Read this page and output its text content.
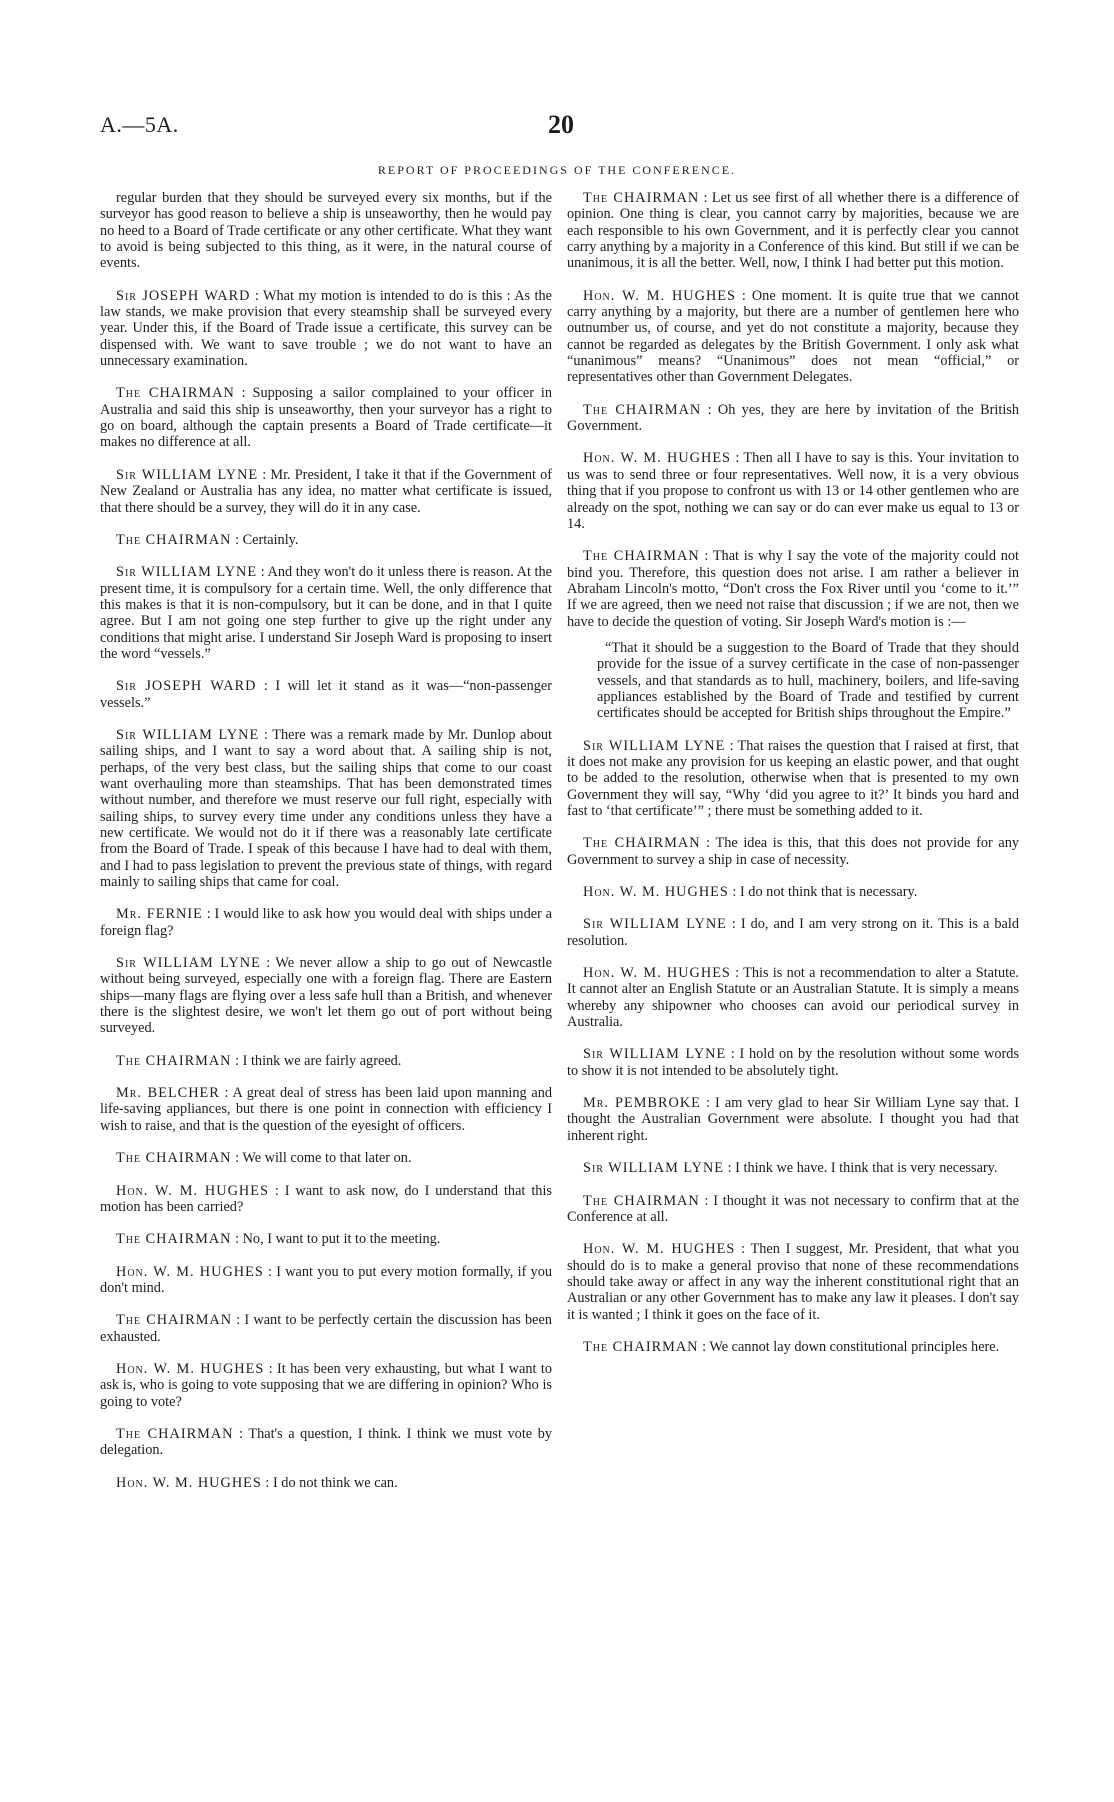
A.—5A.	20
REPORT OF PROCEEDINGS OF THE CONFERENCE.

regular burden that they should be surveyed every six months, but if the surveyor has good reason to believe a ship is unseaworthy, then he would pay no heed to a Board of Trade certificate or any other certificate. What they want to avoid is being subjected to this thing, as it were, in the natural course of events.

Sir JOSEPH WARD : What my motion is intended to do is this : As the law stands, we make provision that every steamship shall be surveyed every year. Under this, if the Board of Trade issue a certificate, this survey can be dispensed with. We want to save trouble ; we do not want to have an unnecessary examination.

The CHAIRMAN : Supposing a sailor complained to your officer in Australia and said this ship is unseaworthy, then your surveyor has a right to go on board, although the captain presents a Board of Trade certificate—it makes no difference at all.

Sir WILLIAM LYNE : Mr. President, I take it that if the Government of New Zealand or Australia has any idea, no matter what certificate is issued, that there should be a survey, they will do it in any case.

The CHAIRMAN : Certainly.

Sir WILLIAM LYNE : And they won't do it unless there is reason. At the present time, it is compulsory for a certain time. Well, the only difference that this makes is that it is non-compulsory, but it can be done, and in that I quite agree. But I am not going one step further to give up the right under any conditions that might arise. I understand Sir Joseph Ward is proposing to insert the word “vessels.”

Sir JOSEPH WARD : I will let it stand as it was—“non-passenger vessels.”

Sir WILLIAM LYNE : There was a remark made by Mr. Dunlop about sailing ships, and I want to say a word about that. A sailing ship is not, perhaps, of the very best class, but the sailing ships that come to our coast want overhauling more than steamships. That has been demonstrated times without number, and therefore we must reserve our full right, especially with sailing ships, to survey every time under any conditions unless they have a new certificate. We would not do it if there was a reasonably late certificate from the Board of Trade. I speak of this because I have had to deal with them, and I had to pass legislation to prevent the previous state of things, with regard mainly to sailing ships that came for coal.

Mr. FERNIE : I would like to ask how you would deal with ships under a foreign flag?

Sir WILLIAM LYNE : We never allow a ship to go out of Newcastle without being surveyed, especially one with a foreign flag. There are Eastern ships—many flags are flying over a less safe hull than a British, and whenever there is the slightest desire, we won't let them go out of port without being surveyed.

The CHAIRMAN : I think we are fairly agreed.

Mr. BELCHER : A great deal of stress has been laid upon manning and life-saving appliances, but there is one point in connection with efficiency I wish to raise, and that is the question of the eyesight of officers.

The CHAIRMAN : We will come to that later on.

Hon. W. M. HUGHES : I want to ask now, do I understand that this motion has been carried?

The CHAIRMAN : No, I want to put it to the meeting.

Hon. W. M. HUGHES : I want you to put every motion formally, if you don't mind.

The CHAIRMAN : I want to be perfectly certain the discussion has been exhausted.

Hon. W. M. HUGHES : It has been very exhausting, but what I want to ask is, who is going to vote supposing that we are differing in opinion? Who is going to vote?

The CHAIRMAN : That's a question, I think. I think we must vote by delegation.

Hon. W. M. HUGHES : I do not think we can.

The CHAIRMAN : Let us see first of all whether there is a difference of opinion. One thing is clear, you cannot carry by majorities, because we are each responsible to his own Government, and it is perfectly clear you cannot carry anything by a majority in a Conference of this kind. But still if we can be unanimous, it is all the better. Well, now, I think I had better put this motion.

Hon. W. M. HUGHES : One moment. It is quite true that we cannot carry anything by a majority, but there are a number of gentlemen here who outnumber us, of course, and yet do not constitute a majority, because they cannot be regarded as delegates by the British Government. I only ask what “unanimous” means? “Unanimous” does not mean “official,” or representatives other than Government Delegates.

The CHAIRMAN : Oh yes, they are here by invitation of the British Government.

Hon. W. M. HUGHES : Then all I have to say is this. Your invitation to us was to send three or four representatives. Well now, it is a very obvious thing that if you propose to confront us with 13 or 14 other gentlemen who are already on the spot, nothing we can say or do can ever make us equal to 13 or 14.

The CHAIRMAN : That is why I say the vote of the majority could not bind you. Therefore, this question does not arise. I am rather a believer in Abraham Lincoln's motto, “Don't cross the Fox River until you ‘come to it.’” If we are agreed, then we need not raise that discussion ; if we are not, then we have to decide the question of voting. Sir Joseph Ward's motion is :—

“That it should be a suggestion to the Board of Trade that they should provide for the issue of a survey certificate in the case of non-passenger vessels, and that standards as to hull, machinery, boilers, and life-saving appliances established by the Board of Trade and testified by current certificates should be accepted for British ships throughout the Empire.”

Sir WILLIAM LYNE : That raises the question that I raised at first, that it does not make any provision for us keeping an elastic power, and that ought to be added to the resolution, otherwise when that is presented to my own Government they will say, “Why ‘did you agree to it?’ It binds you hard and fast to ‘that certificate’” ; there must be something added to it.

The CHAIRMAN : The idea is this, that this does not provide for any Government to survey a ship in case of necessity.

Hon. W. M. HUGHES : I do not think that is necessary.

Sir WILLIAM LYNE : I do, and I am very strong on it. This is a bald resolution.

Hon. W. M. HUGHES : This is not a recommendation to alter a Statute. It cannot alter an English Statute or an Australian Statute. It is simply a means whereby any shipowner who chooses can avoid our periodical survey in Australia.

Sir WILLIAM LYNE : I hold on by the resolution without some words to show it is not intended to be absolutely tight.

Mr. PEMBROKE : I am very glad to hear Sir William Lyne say that. I thought the Australian Government were absolute. I thought you had that inherent right.

Sir WILLIAM LYNE : I think we have. I think that is very necessary.

The CHAIRMAN : I thought it was not necessary to confirm that at the Conference at all.

Hon. W. M. HUGHES : Then I suggest, Mr. President, that what you should do is to make a general proviso that none of these recommendations should take away or affect in any way the inherent constitutional right that an Australian or any other Government has to make any law it pleases. I don't say it is wanted ; I think it goes on the face of it.

The CHAIRMAN : We cannot lay down constitutional principles here.
